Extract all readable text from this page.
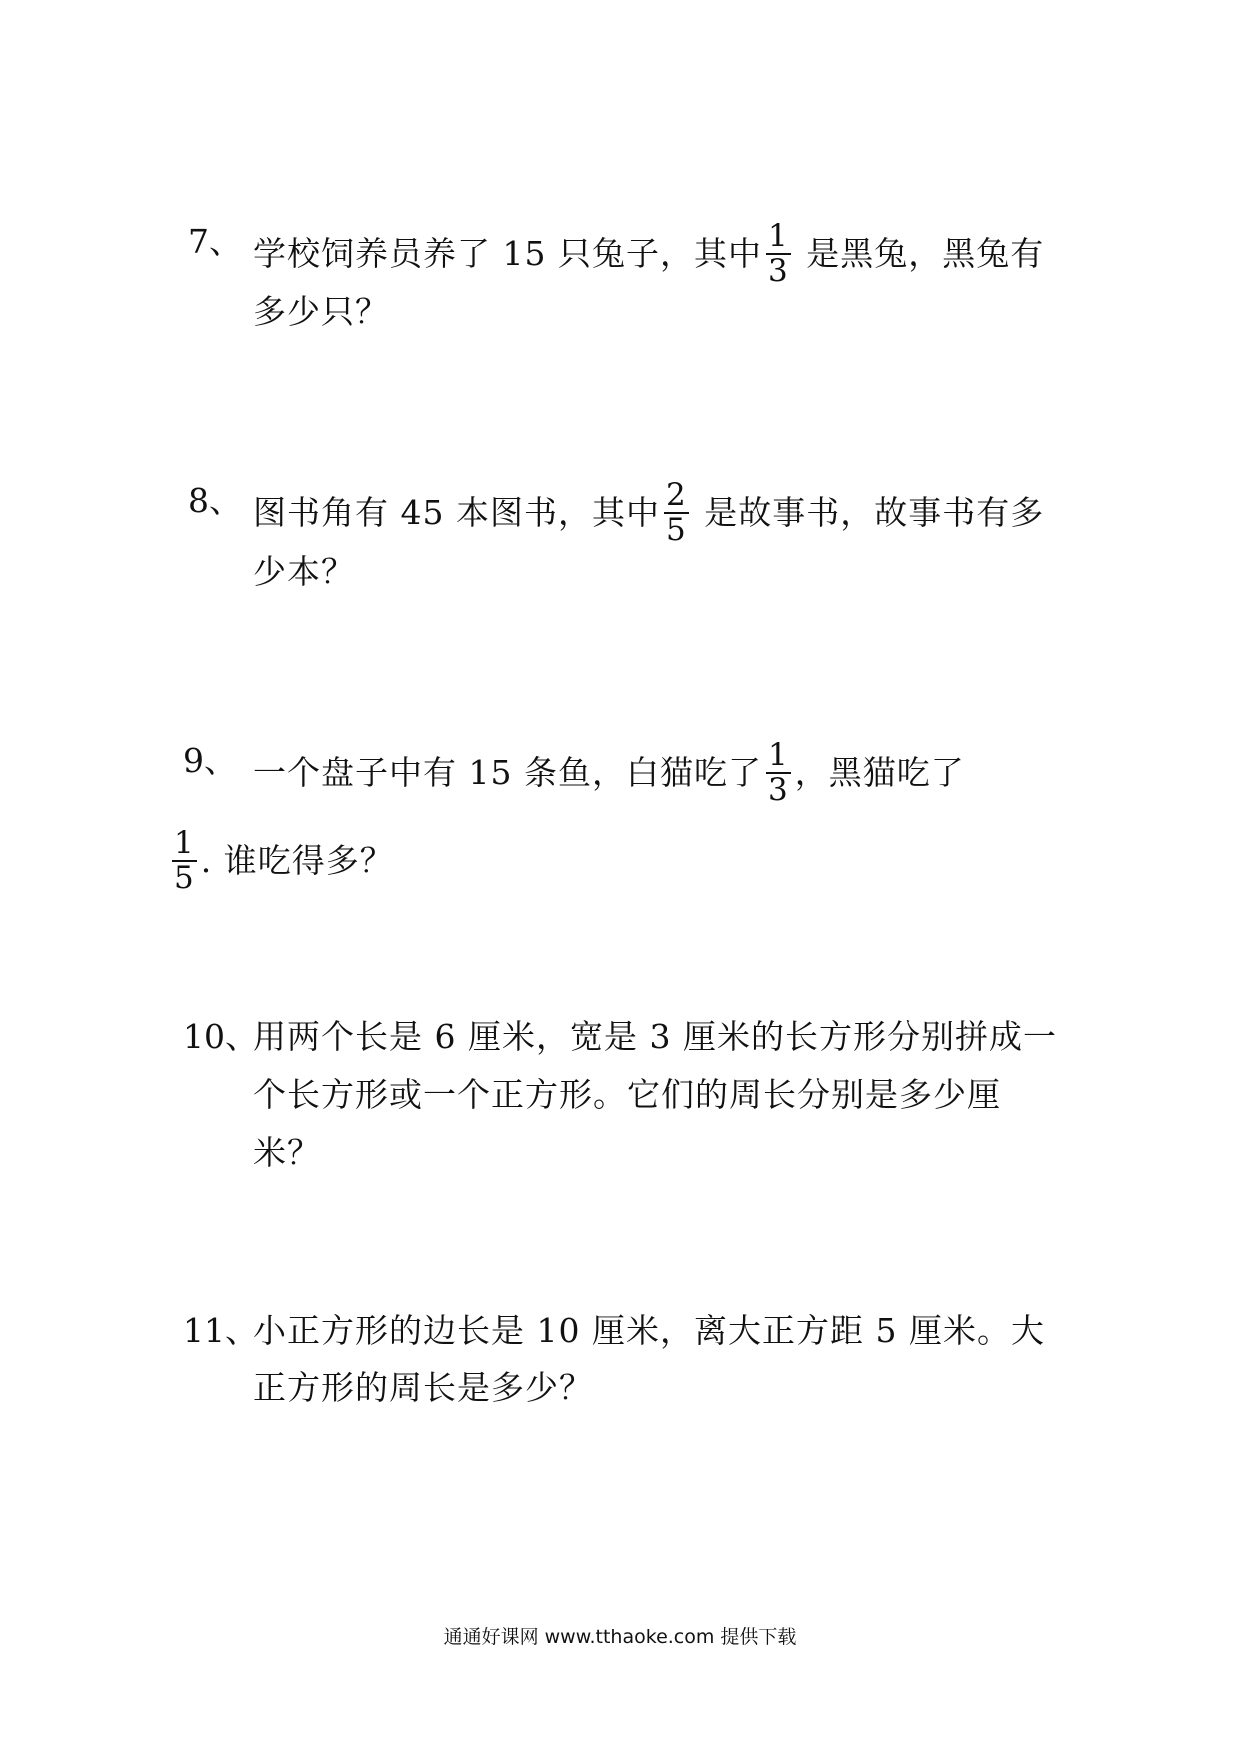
7、 学校饲养员养了 15 只兔子，其中 $\frac{1}{3}$ 是黑兔，黑兔有
多少只？
8、 图书角有 45 本图书，其中 $\frac{2}{5}$ 是故事书，故事书有多
少本？
9、 一个盘子中有 15 条鱼，白猫吃了 $\frac{1}{3}$ ，黑猫吃了
$\frac{1}{5}$ . 谁吃得多？
10、
用两个长是 6 厘米，宽是 3 厘米的长方形分别拼成一
个长方形或一个正方形。它们的周长分别是多少厘
米？
11、
小正方形的边长是 10 厘米，离大正方距 5 厘米。大
正方形的周长是多少？
通通好课网 www.tthaoke.com 提供下载
